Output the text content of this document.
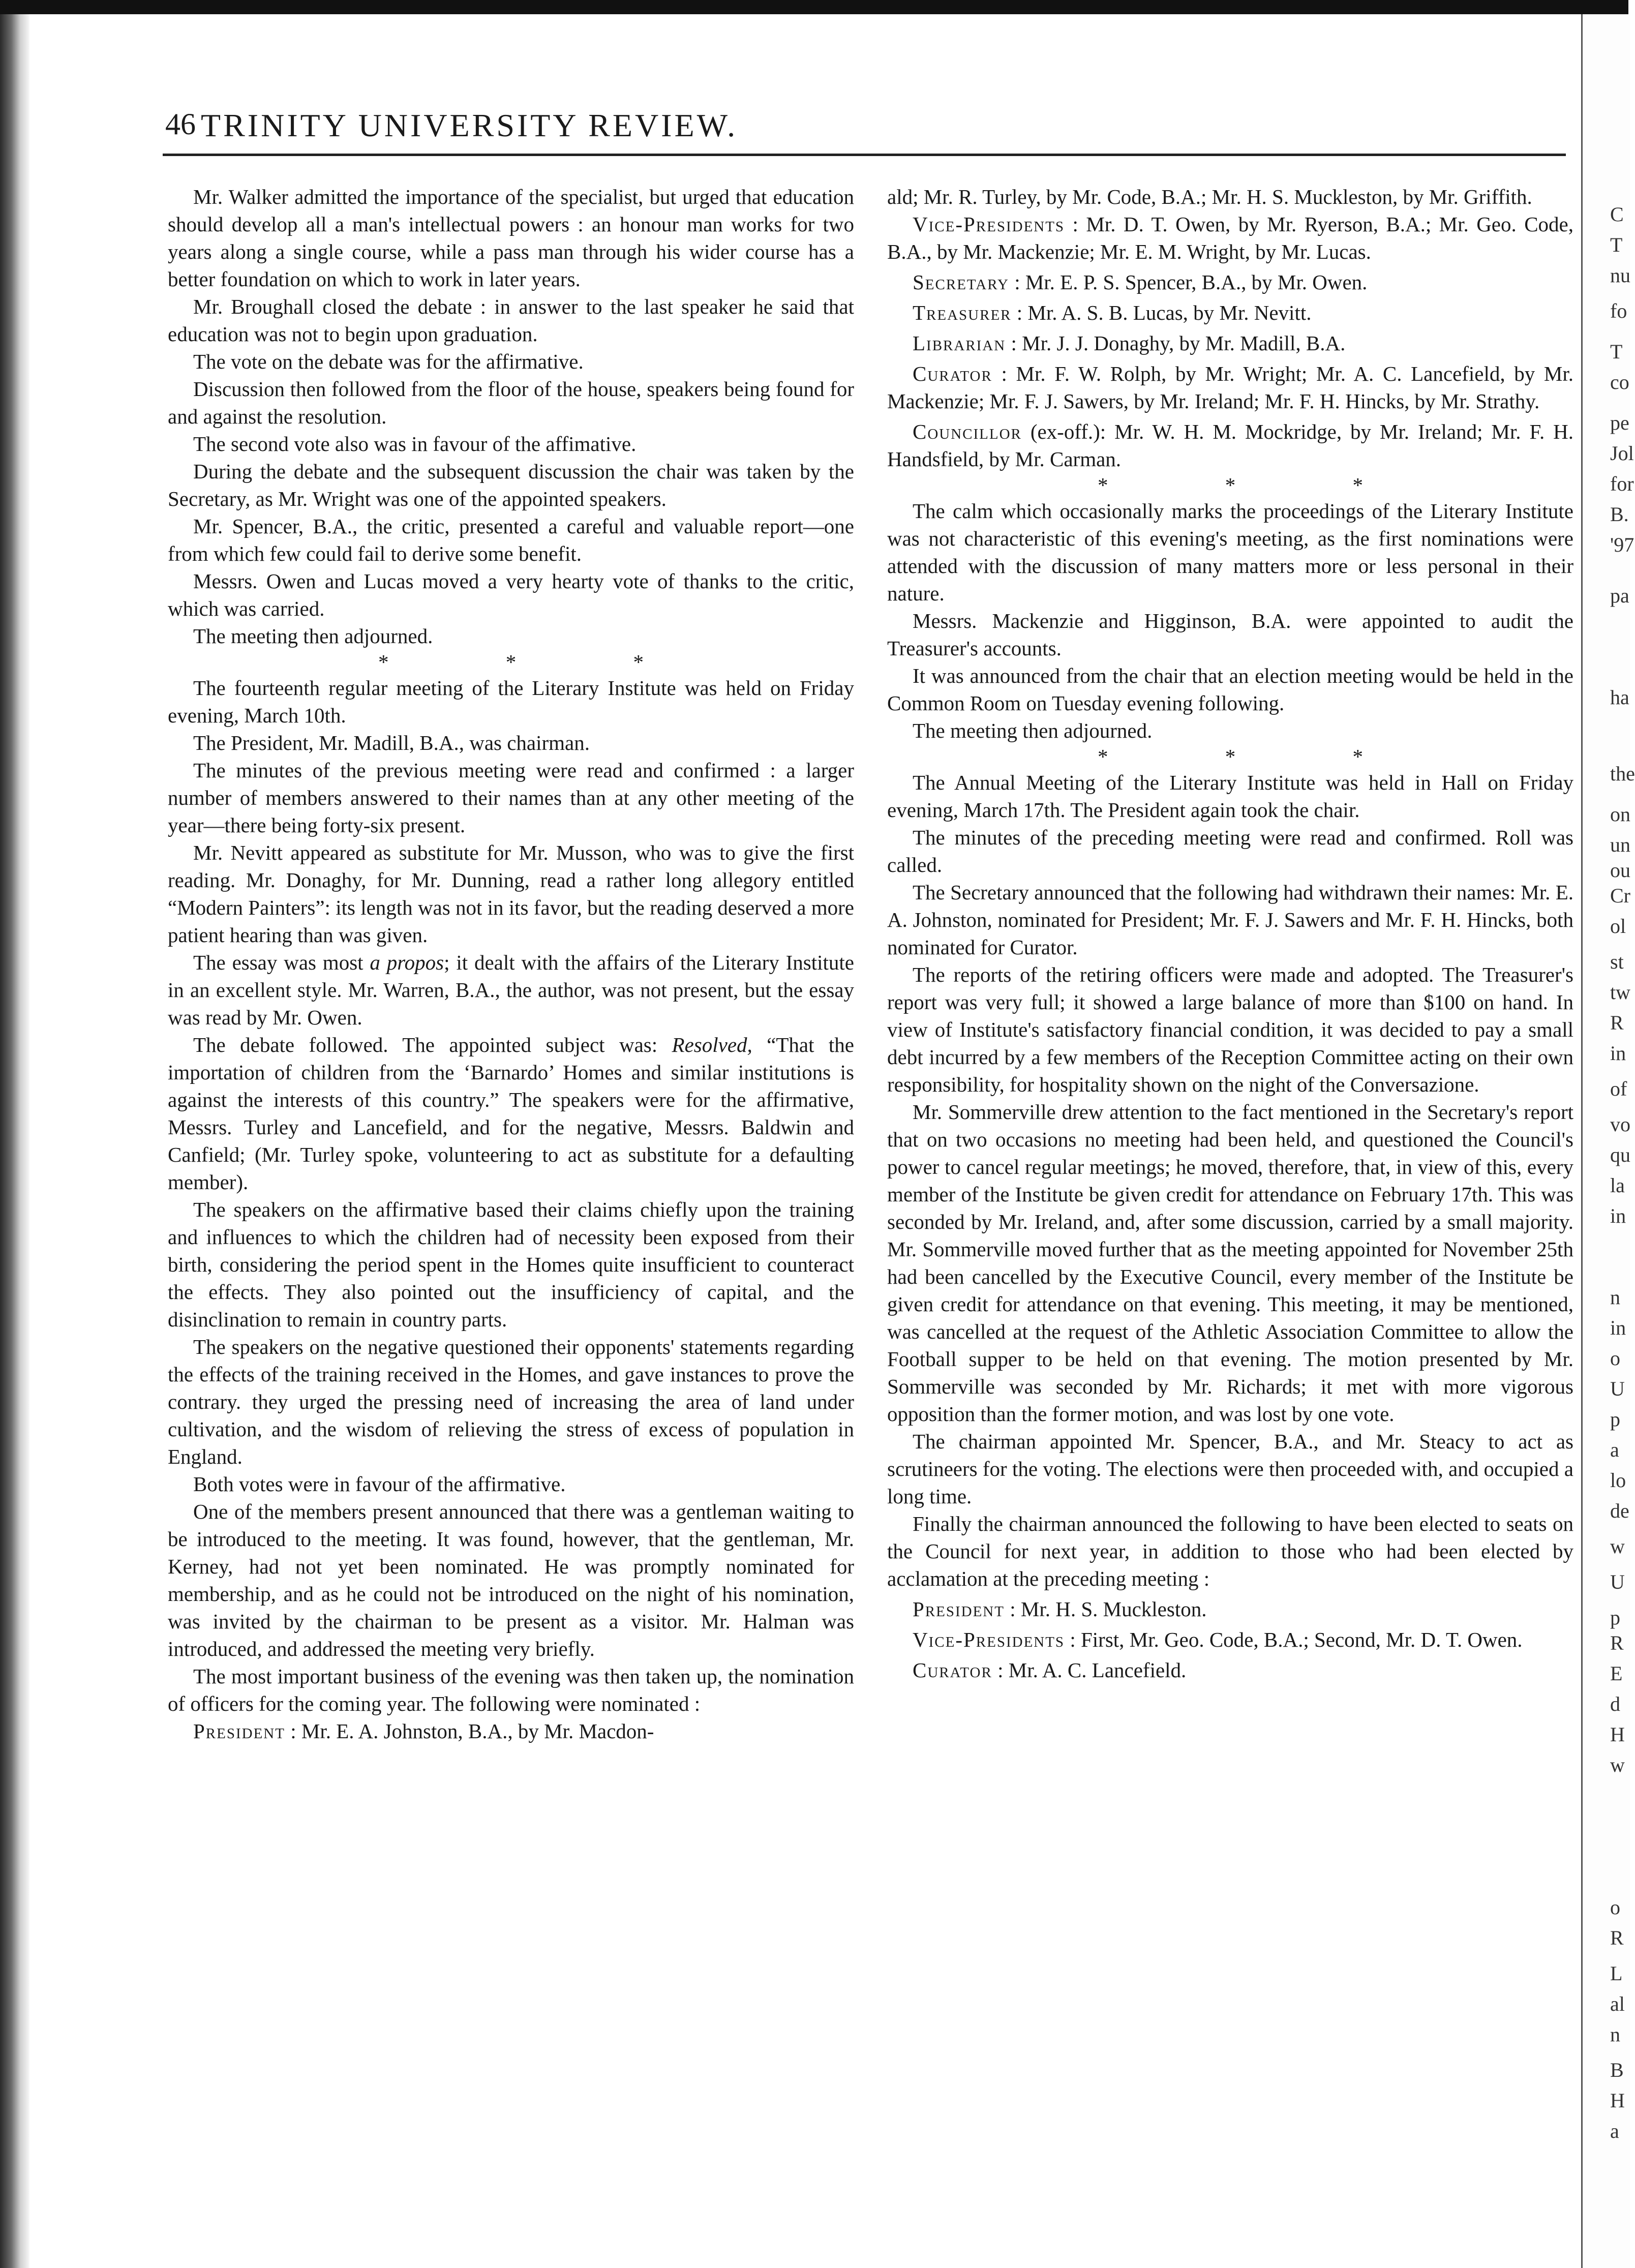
46 TRINITY UNIVERSITY REVIEW.

Mr. Walker admitted the importance of the specialist, but urged that education should develop all a man's intellectual powers : an honour man works for two years along a single course, while a pass man through his wider course has a better foundation on which to work in later years.

Mr. Broughall closed the debate : in answer to the last speaker he said that education was not to begin upon graduation.

The vote on the debate was for the affirmative.

Discussion then followed from the floor of the house, speakers being found for and against the resolution.

The second vote also was in favour of the affimative.

During the debate and the subsequent discussion the chair was taken by the Secretary, as Mr. Wright was one of the appointed speakers.

Mr. Spencer, B.A., the critic, presented a careful and valuable report—one from which few could fail to derive some benefit.

Messrs. Owen and Lucas moved a very hearty vote of thanks to the critic, which was carried.

The meeting then adjourned.

* * *

The fourteenth regular meeting of the Literary Institute was held on Friday evening, March 10th.

The President, Mr. Madill, B.A., was chairman.

The minutes of the previous meeting were read and confirmed : a larger number of members answered to their names than at any other meeting of the year—there being forty-six present.

Mr. Nevitt appeared as substitute for Mr. Musson, who was to give the first reading. Mr. Donaghy, for Mr. Dunning, read a rather long allegory entitled “Modern Painters”: its length was not in its favor, but the reading deserved a more patient hearing than was given.

The essay was most a propos; it dealt with the affairs of the Literary Institute in an excellent style. Mr. Warren, B.A., the author, was not present, but the essay was read by Mr. Owen.

The debate followed. The appointed subject was: Resolved, “That the importation of children from the ‘Barnardo’ Homes and similar institutions is against the interests of this country.” The speakers were for the affirmative, Messrs. Turley and Lancefield, and for the negative, Messrs. Baldwin and Canfield; (Mr. Turley spoke, volunteering to act as substitute for a defaulting member).

The speakers on the affirmative based their claims chiefly upon the training and influences to which the children had of necessity been exposed from their birth, considering the period spent in the Homes quite insufficient to counteract the effects. They also pointed out the insufficiency of capital, and the disinclination to remain in country parts.

The speakers on the negative questioned their opponents' statements regarding the effects of the training received in the Homes, and gave instances to prove the contrary. they urged the pressing need of increasing the area of land under cultivation, and the wisdom of relieving the stress of excess of population in England.

Both votes were in favour of the affirmative.

One of the members present announced that there was a gentleman waiting to be introduced to the meeting. It was found, however, that the gentleman, Mr. Kerney, had not yet been nominated. He was promptly nominated for membership, and as he could not be introduced on the night of his nomination, was invited by the chairman to be present as a visitor. Mr. Halman was introduced, and addressed the meeting very briefly.

The most important business of the evening was then taken up, the nomination of officers for the coming year. The following were nominated :

President : Mr. E. A. Johnston, B.A., by Mr. Macdon-

ald; Mr. R. Turley, by Mr. Code, B.A.; Mr. H. S. Muckleston, by Mr. Griffith.

Vice-Presidents : Mr. D. T. Owen, by Mr. Ryerson, B.A.; Mr. Geo. Code, B.A., by Mr. Mackenzie; Mr. E. M. Wright, by Mr. Lucas.

Secretary : Mr. E. P. S. Spencer, B.A., by Mr. Owen.

Treasurer : Mr. A. S. B. Lucas, by Mr. Nevitt.

Librarian : Mr. J. J. Donaghy, by Mr. Madill, B.A.

Curator : Mr. F. W. Rolph, by Mr. Wright; Mr. A. C. Lancefield, by Mr. Mackenzie; Mr. F. J. Sawers, by Mr. Ireland; Mr. F. H. Hincks, by Mr. Strathy.

Councillor (ex-off.): Mr. W. H. M. Mockridge, by Mr. Ireland; Mr. F. H. Handsfield, by Mr. Carman.

* * *

The calm which occasionally marks the proceedings of the Literary Institute was not characteristic of this evening's meeting, as the first nominations were attended with the discussion of many matters more or less personal in their nature.

Messrs. Mackenzie and Higginson, B.A. were appointed to audit the Treasurer's accounts.

It was announced from the chair that an election meeting would be held in the Common Room on Tuesday evening following.

The meeting then adjourned.

* * *

The Annual Meeting of the Literary Institute was held in Hall on Friday evening, March 17th. The President again took the chair.

The minutes of the preceding meeting were read and confirmed. Roll was called.

The Secretary announced that the following had withdrawn their names: Mr. E. A. Johnston, nominated for President; Mr. F. J. Sawers and Mr. F. H. Hincks, both nominated for Curator.

The reports of the retiring officers were made and adopted. The Treasurer's report was very full; it showed a large balance of more than $100 on hand. In view of Institute's satisfactory financial condition, it was decided to pay a small debt incurred by a few members of the Reception Committee acting on their own responsibility, for hospitality shown on the night of the Conversazione.

Mr. Sommerville drew attention to the fact mentioned in the Secretary's report that on two occasions no meeting had been held, and questioned the Council's power to cancel regular meetings; he moved, therefore, that, in view of this, every member of the Institute be given credit for attendance on February 17th. This was seconded by Mr. Ireland, and, after some discussion, carried by a small majority. Mr. Sommerville moved further that as the meeting appointed for November 25th had been cancelled by the Executive Council, every member of the Institute be given credit for attendance on that evening. This meeting, it may be mentioned, was cancelled at the request of the Athletic Association Committee to allow the Football supper to be held on that evening. The motion presented by Mr. Sommerville was seconded by Mr. Richards; it met with more vigorous opposition than the former motion, and was lost by one vote.

The chairman appointed Mr. Spencer, B.A., and Mr. Steacy to act as scrutineers for the voting. The elections were then proceeded with, and occupied a long time.

Finally the chairman announced the following to have been elected to seats on the Council for next year, in addition to those who had been elected by acclamation at the preceding meeting :

President : Mr. H. S. Muckleston.

Vice-Presidents : First, Mr. Geo. Code, B.A.; Second, Mr. D. T. Owen.

Curator : Mr. A. C. Lancefield.

C
T
nu
fo
T
co
pe
Jol
for
B.
'97
pa
ha
the
on
un
ou
Cr
ol
st
tw
R
in
of
vo
qu
la
in
n
in
o
U
p
a
lo
de
w
U
p
R
E
d
H
w
o
R
L
al
n
B
H
a
